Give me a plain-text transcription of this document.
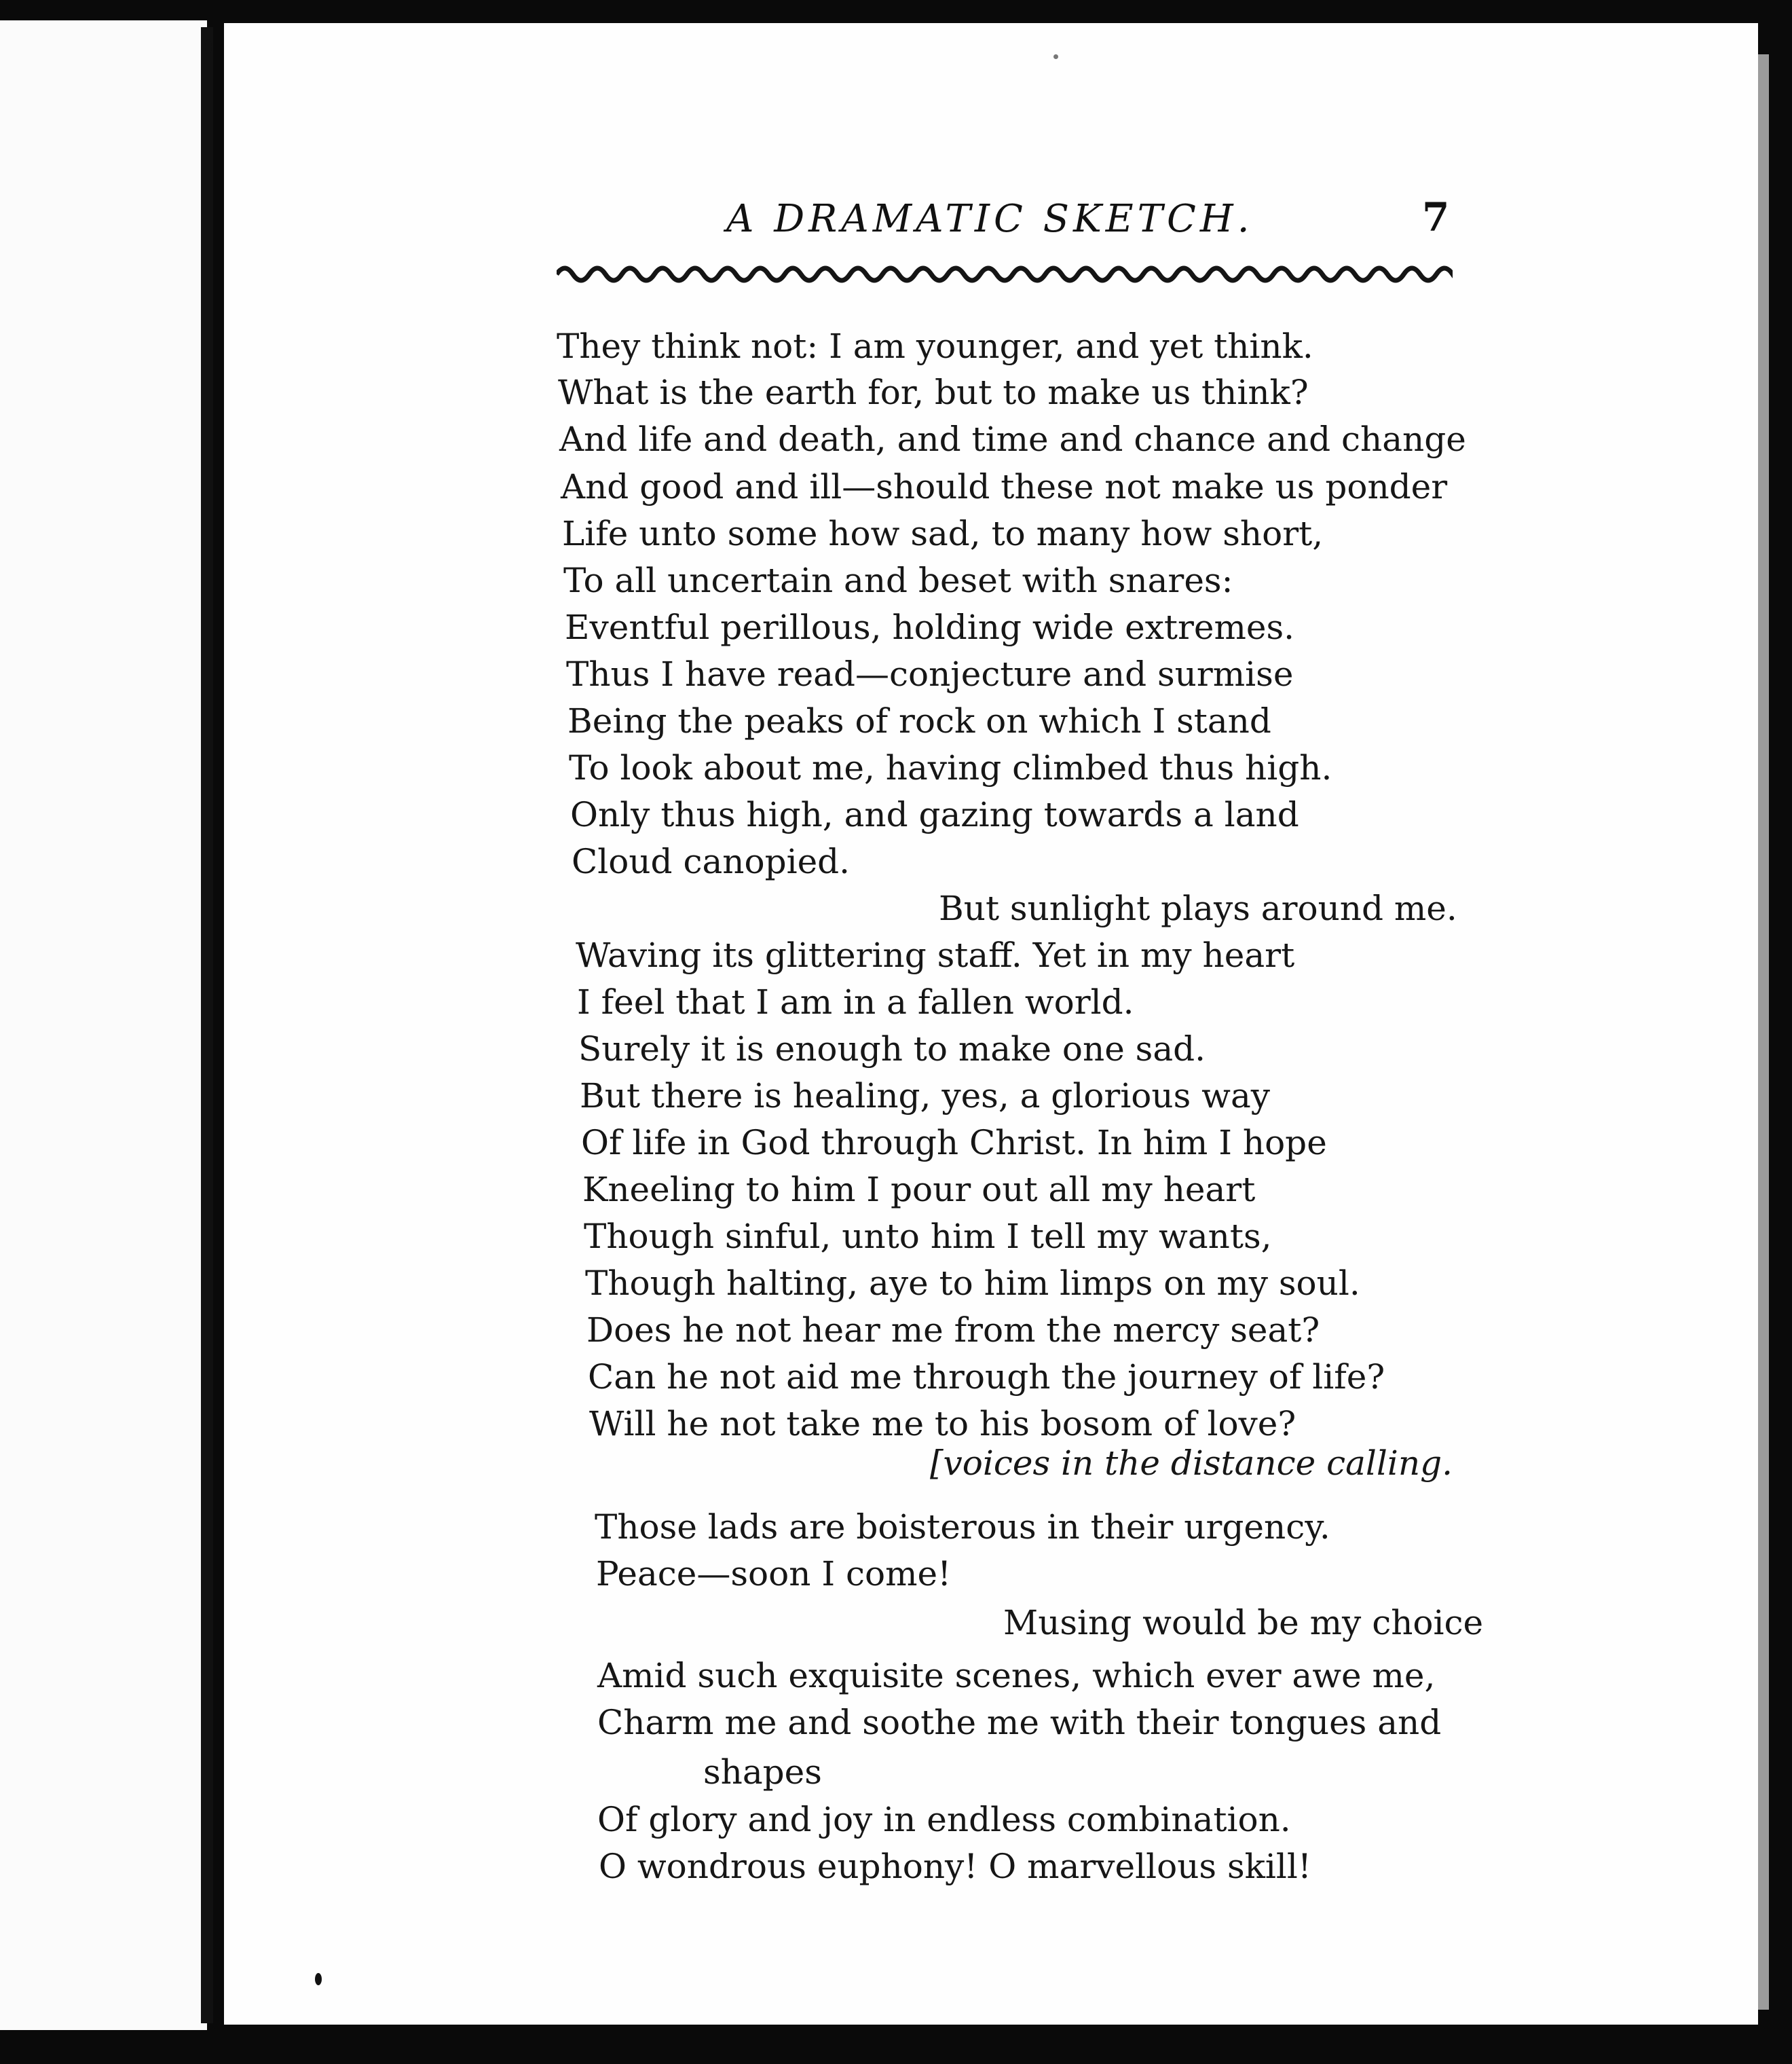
A DRAMATIC SKETCH.	7
They think not: I am younger, and yet think.
What is the earth for, but to make us think?
And life and death, and time and chance and change
And good and ill—should these not make us ponder
Life unto some how sad, to many how short,
To all uncertain and beset with snares:
Eventful perillous, holding wide extremes.
Thus I have read—conjecture and surmise
Being the peaks of rock on which I stand
To look about me, having climbed thus high.
Only thus high, and gazing towards a land
Cloud canopied.
But sunlight plays around me.
Waving its glittering staff. Yet in my heart
I feel that I am in a fallen world.
Surely it is enough to make one sad.
But there is healing, yes, a glorious way
Of life in God through Christ. In him I hope
Kneeling to him I pour out all my heart
Though sinful, unto him I tell my wants,
Though halting, aye to him limps on my soul.
Does he not hear me from the mercy seat?
Can he not aid me through the journey of life?
Will he not take me to his bosom of love?
[voices in the distance calling.
Those lads are boisterous in their urgency.
Peace—soon I come!
Musing would be my choice
Amid such exquisite scenes, which ever awe me,
Charm me and soothe me with their tongues and
shapes
Of glory and joy in endless combination.
O wondrous euphony! O marvellous skill!
